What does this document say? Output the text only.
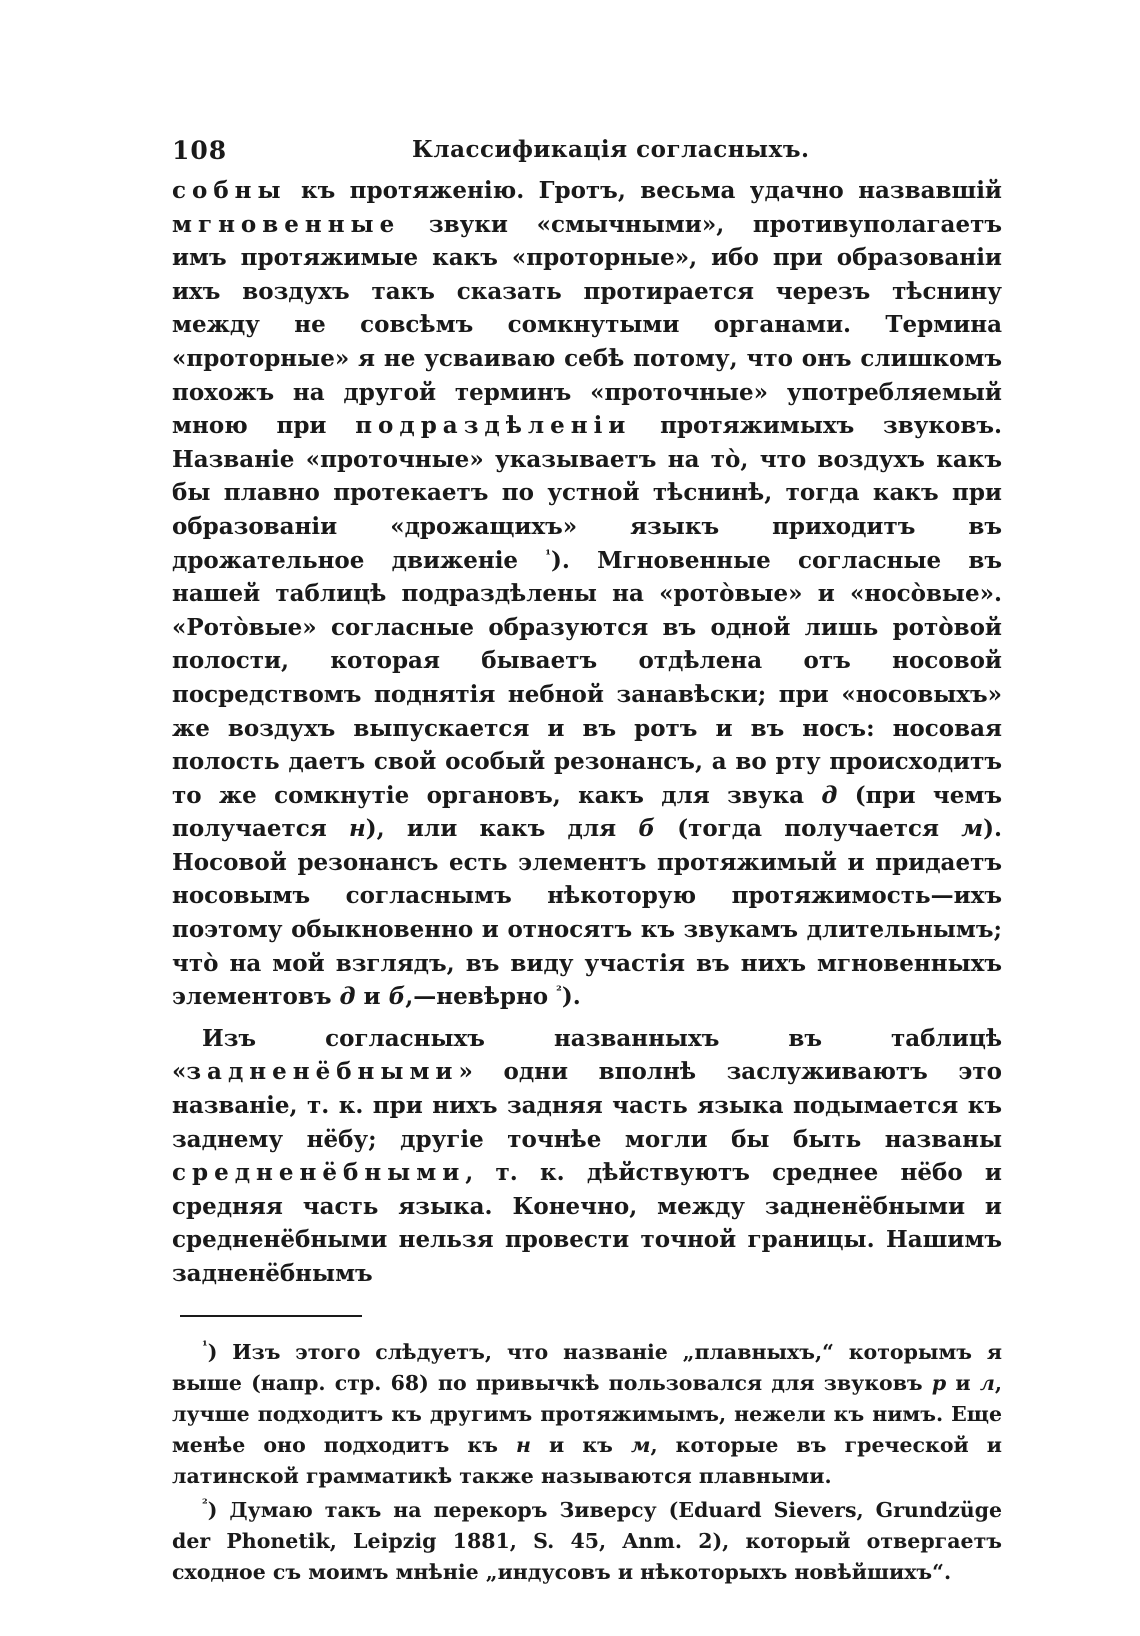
108	Классификація согласныхъ.

собны къ протяженію. Гротъ, весьма удачно назвавшій мгновенные звуки «смычными», противуполагаетъ имъ протяжимые какъ «проторные», ибо при образованіи ихъ воздухъ такъ сказать протирается черезъ тѣснину между не совсѣмъ сомкнутыми органами. Термина «проторные» я не усваиваю себѣ потому, что онъ слишкомъ похожъ на другой терминъ «проточные» употребляемый мною при подраздѣленіи протяжимыхъ звуковъ. Названіе «проточные» указываетъ на то̀, что воздухъ какъ бы плавно протекаетъ по устной тѣснинѣ, тогда какъ при образованіи «дрожащихъ» языкъ приходитъ въ дрожательное движеніе $^{^1}$). Мгновенные согласные въ нашей таблицѣ подраздѣлены на «рото̀вые» и «носо̀вые». «Рото̀вые» согласные образуются въ одной лишь рото̀вой полости, которая бываетъ отдѣлена отъ носовой посредствомъ поднятія небной занавѣски; при «носовыхъ» же воздухъ выпускается и въ ротъ и въ носъ: носовая полость даетъ свой особый резонансъ, а во рту происходитъ то же сомкнутіе органовъ, какъ для звука д (при чемъ получается н), или какъ для б (тогда получается м). Носовой резонансъ есть элементъ протяжимый и придаетъ носовымъ согласнымъ нѣкоторую протяжимость—ихъ поэтому обыкновенно и относятъ къ звукамъ длительнымъ; что̀ на мой взглядъ, въ виду участія въ нихъ мгновенныхъ элементовъ д и б,—невѣрно $^{^2}$).

Изъ согласныхъ названныхъ въ таблицѣ «задненёбными» одни вполнѣ заслуживаютъ это названіе, т. к. при нихъ задняя часть языка подымается къ заднему нёбу; другіе точнѣе могли бы быть названы средненёбными, т. к. дѣйствуютъ среднее нёбо и средняя часть языка. Конечно, между задненёбными и средненёбными нельзя провести точной границы. Нашимъ задненёбнымъ

$^{^1}$) Изъ этого слѣдуетъ, что названіе „плавныхъ,“ которымъ я выше (напр. стр. 68) по привычкѣ пользовался для звуковъ р и л, лучше подходитъ къ другимъ протяжимымъ, нежели къ нимъ. Еще менѣе оно подходитъ къ н и къ м, которые въ греческой и латинской грамматикѣ также называются плавными.

$^{^2}$) Думаю такъ на перекоръ Зиверсу (Eduard Sievers, Grundzüge der Phonetik, Leipzig 1881, S. 45, Anm. 2), который отвергаетъ сходное съ моимъ мнѣніе „индусовъ и нѣкоторыхъ новѣйшихъ“.
